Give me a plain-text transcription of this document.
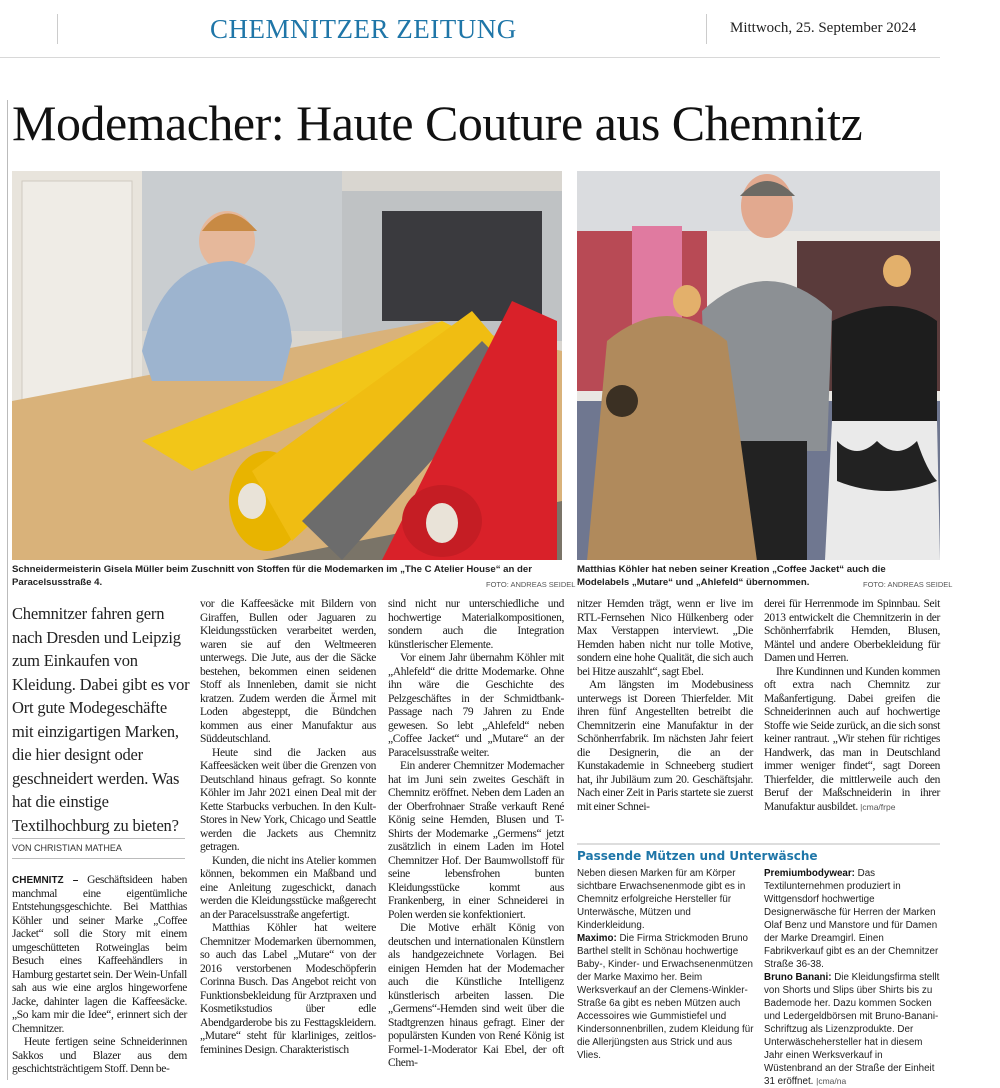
CHEMNITZER ZEITUNG	Mittwoch, 25. September 2024
Modemacher: Haute Couture aus Chemnitz
Schneidermeisterin Gisela Müller beim Zuschnitt von Stoffen für die Modemarken im „The C Atelier House“ an der Paracelsusstraße 4.	FOTO: ANDREAS SEIDEL
Matthias Köhler hat neben seiner Kreation „Coffee Jacket“ auch die Modelabels „Mutare“ und „Ahlefeld“ übernommen.	FOTO: ANDREAS SEIDEL
Chemnitzer fahren gern nach Dresden und Leipzig zum Einkaufen von Kleidung. Dabei gibt es vor Ort gute Modegeschäfte mit einzigartigen Marken, die hier designt oder geschneidert werden. Was hat die einstige Textilhochburg zu bieten?
VON CHRISTIAN MATHEA

CHEMNITZ – Geschäftsideen haben manchmal eine eigentümliche Entstehungsgeschichte. Bei Matthias Köhler und seiner Marke „Coffee Jacket“ soll die Story mit einem umgeschütteten Rotweinglas beim Besuch eines Kaffeehändlers in Hamburg gestartet sein. Der Wein-Unfall sah aus wie eine arglos hingeworfene Jacke, dahinter lagen die Kaffeesäcke. „So kam mir die Idee“, erinnert sich der Chemnitzer.

Heute fertigen seine Schneiderinnen Sakkos und Blazer aus dem geschichtsträchtigem Stoff. Denn be-

vor die Kaffeesäcke mit Bildern von Giraffen, Bullen oder Jaguaren zu Kleidungsstücken verarbeitet werden, waren sie auf den Weltmeeren unterwegs. Die Jute, aus der die Säcke bestehen, bekommen einen seidenen Stoff als Innenleben, damit sie nicht kratzen. Zudem werden die Ärmel mit Loden abgesteppt, die Bündchen kommen aus einer Manufaktur aus Süddeutschland.

Heute sind die Jacken aus Kaffeesäcken weit über die Grenzen von Deutschland hinaus gefragt. So konnte Köhler im Jahr 2021 einen Deal mit der Kette Starbucks verbuchen. In den Kult-Stores in New York, Chicago und Seattle werden die Jackets aus Chemnitz getragen.

Kunden, die nicht ins Atelier kommen können, bekommen ein Maßband und eine Anleitung zugeschickt, danach werden die Kleidungsstücke maßgerecht an der Paracelsusstraße angefertigt.

Matthias Köhler hat weitere Chemnitzer Modemarken übernommen, so auch das Label „Mutare“ von der 2016 verstorbenen Modeschöpferin Corinna Busch. Das Angebot reicht von Funktionsbekleidung für Arztpraxen und Kosmetikstudios über edle Abendgarderobe bis zu Festtagskleidern. „Mutare“ steht für klarliniges, zeitlos-feminines Design. Charakteristisch

sind nicht nur unterschiedliche und hochwertige Materialkompositionen, sondern auch die Integration künstlerischer Elemente.

Vor einem Jahr übernahm Köhler mit „Ahlefeld“ die dritte Modemarke. Ohne ihn wäre die Geschichte des Pelzgeschäftes in der Schmidtbank-Passage nach 79 Jahren zu Ende gewesen. So lebt „Ahlefeld“ neben „Coffee Jacket“ und „Mutare“ an der Paracelsusstraße weiter.

Ein anderer Chemnitzer Modemacher hat im Juni sein zweites Geschäft in Chemnitz eröffnet. Neben dem Laden an der Oberfrohnaer Straße verkauft René König seine Hemden, Blusen und T-Shirts der Modemarke „Germens“ jetzt zusätzlich in einem Laden im Hotel Chemnitzer Hof. Der Baumwollstoff für seine lebensfrohen bunten Kleidungsstücke kommt aus Frankenberg, in einer Schneiderei in Polen werden sie konfektioniert.

Die Motive erhält König von deutschen und internationalen Künstlern als handgezeichnete Vorlagen. Bei einigen Hemden hat der Modemacher auch die Künstliche Intelligenz künstlerisch arbeiten lassen. Die „Germens“-Hemden sind weit über die Stadtgrenzen hinaus gefragt. Einer der populärsten Kunden von René König ist Formel-1-Moderator Kai Ebel, der oft Chem-

nitzer Hemden trägt, wenn er live im RTL-Fernsehen Nico Hülkenberg oder Max Verstappen interviewt. „Die Hemden haben nicht nur tolle Motive, sondern eine hohe Qualität, die sich auch bei Hitze auszahlt“, sagt Ebel.

Am längsten im Modebusiness unterwegs ist Doreen Thierfelder. Mit ihren fünf Angestellten betreibt die Chemnitzerin eine Manufaktur in der Schönherrfabrik. Im nächsten Jahr feiert die Designerin, die an der Kunstakademie in Schneeberg studiert hat, ihr Jubiläum zum 20. Geschäftsjahr. Nach einer Zeit in Paris startete sie zuerst mit einer Schnei-

derei für Herrenmode im Spinnbau. Seit 2013 entwickelt die Chemnitzerin in der Schönherrfabrik Hemden, Blusen, Mäntel und andere Oberbekleidung für Damen und Herren.

Ihre Kundinnen und Kunden kommen oft extra nach Chemnitz zur Maßanfertigung. Dabei greifen die Schneiderinnen auch auf hochwertige Stoffe wie Seide zurück, an die sich sonst keiner rantraut. „Wir stehen für richtiges Handwerk, das man in Deutschland immer weniger findet“, sagt Doreen Thierfelder, die mittlerweile auch den Beruf der Maßschneiderin in ihrer Manufaktur ausbildet. |cma/frpe

Passende Mützen und Unterwäsche
Neben diesen Marken für am Körper sichtbare Erwachsenenmode gibt es in Chemnitz erfolgreiche Hersteller für Unterwäsche, Mützen und Kinderkleidung.
Maximo: Die Firma Strickmoden Bruno Barthel stellt in Schönau hochwertige Baby-, Kinder- und Erwachsenenmützen der Marke Maximo her. Beim Werksverkauf an der Clemens-Winkler-Straße 6a gibt es neben Mützen auch Accessoires wie Gummistiefel und Kindersonnenbrillen, zudem Kleidung für die Allerjüngsten aus Strick und aus Vlies.
Premiumbodywear: Das Textilunternehmen produziert in Wittgensdorf hochwertige Designerwäsche für Herren der Marken Olaf Benz und Manstore und für Damen der Marke Dreamgirl. Einen Fabrikverkauf gibt es an der Chemnitzer Straße 36-38.
Bruno Banani: Die Kleidungsfirma stellt von Shorts und Slips über Shirts bis zu Bademode her. Dazu kommen Socken und Ledergeldbörsen mit Bruno-Banani-Schriftzug als Lizenzprodukte. Der Unterwäschehersteller hat in diesem Jahr einen Werksverkauf in Wüstenbrand an der Straße der Einheit 31 eröffnet. |cma/na
